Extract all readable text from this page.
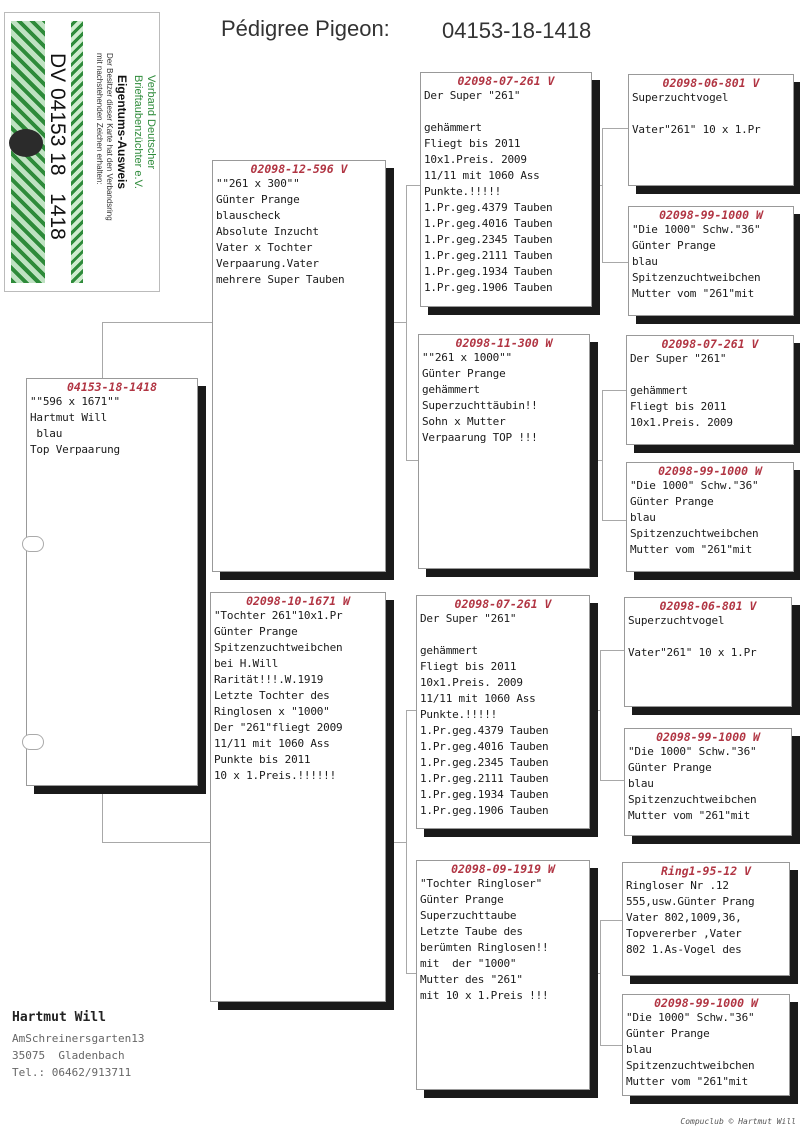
Pédigree Pigeon: 04153-18-1418
Verband Deutscher
Brieftaubenzüchter e.V.
Eigentums-Ausweis
Der Besitzer dieser Karte hat den Verbandsring
mit nachstehenden Zeichen erhalten:
DV 04153 18   1418
04153-18-1418
""596 x 1671""
Hartmut Will
blau
Top Verpaarung
02098-12-596 V
""261 x 300""
Günter Prange
blauscheck
Absolute Inzucht
Vater x Tochter
Verpaarung.Vater
mehrere Super Tauben
02098-10-1671 W
"Tochter 261"10x1.Pr
Günter Prange
Spitzenzuchtweibchen
bei H.Will
Rarität!!!.W.1919
Letzte Tochter des
Ringlosen x "1000"
Der "261"fliegt 2009
11/11 mit 1060 Ass
Punkte bis 2011
10 x 1.Preis.!!!!!!
02098-07-261 V
Der Super "261"

gehämmert
Fliegt bis 2011
10x1.Preis. 2009
11/11 mit 1060 Ass
Punkte.!!!!!
1.Pr.geg.4379 Tauben
1.Pr.geg.4016 Tauben
1.Pr.geg.2345 Tauben
1.Pr.geg.2111 Tauben
1.Pr.geg.1934 Tauben
1.Pr.geg.1906 Tauben
02098-11-300 W
""261 x 1000""
Günter Prange
gehämmert
Superzuchttäubin!!
Sohn x Mutter
Verpaarung TOP !!!
02098-07-261 V
Der Super "261"

gehämmert
Fliegt bis 2011
10x1.Preis. 2009
11/11 mit 1060 Ass
Punkte.!!!!!
1.Pr.geg.4379 Tauben
1.Pr.geg.4016 Tauben
1.Pr.geg.2345 Tauben
1.Pr.geg.2111 Tauben
1.Pr.geg.1934 Tauben
1.Pr.geg.1906 Tauben
02098-09-1919 W
"Tochter Ringloser"
Günter Prange
Superzuchttaube
Letzte Taube des
berümten Ringlosen!!
mit  der "1000"
Mutter des "261"
mit 10 x 1.Preis !!!
02098-06-801 V
Superzuchtvogel

Vater"261" 10 x 1.Pr
02098-99-1000 W
"Die 1000" Schw."36"
Günter Prange
blau
Spitzenzuchtweibchen
Mutter vom "261"mit
02098-07-261 V
Der Super "261"

gehämmert
Fliegt bis 2011
10x1.Preis. 2009
02098-99-1000 W
"Die 1000" Schw."36"
Günter Prange
blau
Spitzenzuchtweibchen
Mutter vom "261"mit
02098-06-801 V
Superzuchtvogel

Vater"261" 10 x 1.Pr
02098-99-1000 W
"Die 1000" Schw."36"
Günter Prange
blau
Spitzenzuchtweibchen
Mutter vom "261"mit
Ring1-95-12 V
Ringloser Nr .12
555,usw.Günter Prang
Vater 802,1009,36,
Topvererber ,Vater
802 1.As-Vogel des
02098-99-1000 W
"Die 1000" Schw."36"
Günter Prange
blau
Spitzenzuchtweibchen
Mutter vom "261"mit
Hartmut Will
AmSchreinersgarten13
35075  Gladenbach
Tel.: 06462/913711
Compuclub © Hartmut Will
